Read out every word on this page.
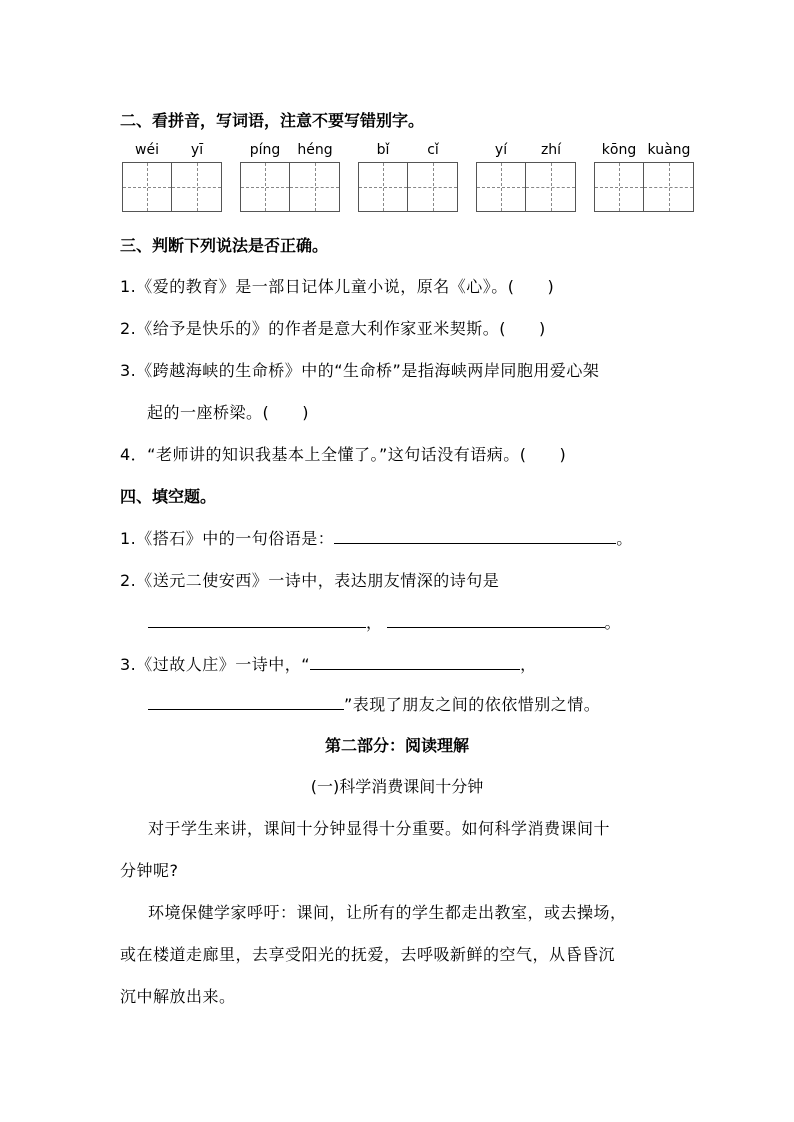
二、看拼音，写词语，注意不要写错别字。
wéi	yī	píng	héng	bǐ	cǐ	yí	zhí	kōng kuàng
三、判断下列说法是否正确。
1.《爱的教育》是一部日记体儿童小说，原名《心》。(　　)
2.《给予是快乐的》的作者是意大利作家亚米契斯。(　　)
3.《跨越海峡的生命桥》中的“生命桥”是指海峡两岸同胞用爱心架
起的一座桥梁。(　　)
4．“老师讲的知识我基本上全懂了。”这句话没有语病。(　　)
四、填空题。
1.《搭石》中的一句俗语是：	。
2.《送元二使安西》一诗中，表达朋友情深的诗句是
，	。
3.《过故人庄》一诗中，“	，
”表现了朋友之间的依依惜别之情。
第二部分：阅读理解
(一)科学消费课间十分钟
对于学生来讲，课间十分钟显得十分重要。如何科学消费课间十
分钟呢?
环境保健学家呼吁：课间，让所有的学生都走出教室，或去操场，
或在楼道走廊里，去享受阳光的抚爱，去呼吸新鲜的空气，从昏昏沉
沉中解放出来。
